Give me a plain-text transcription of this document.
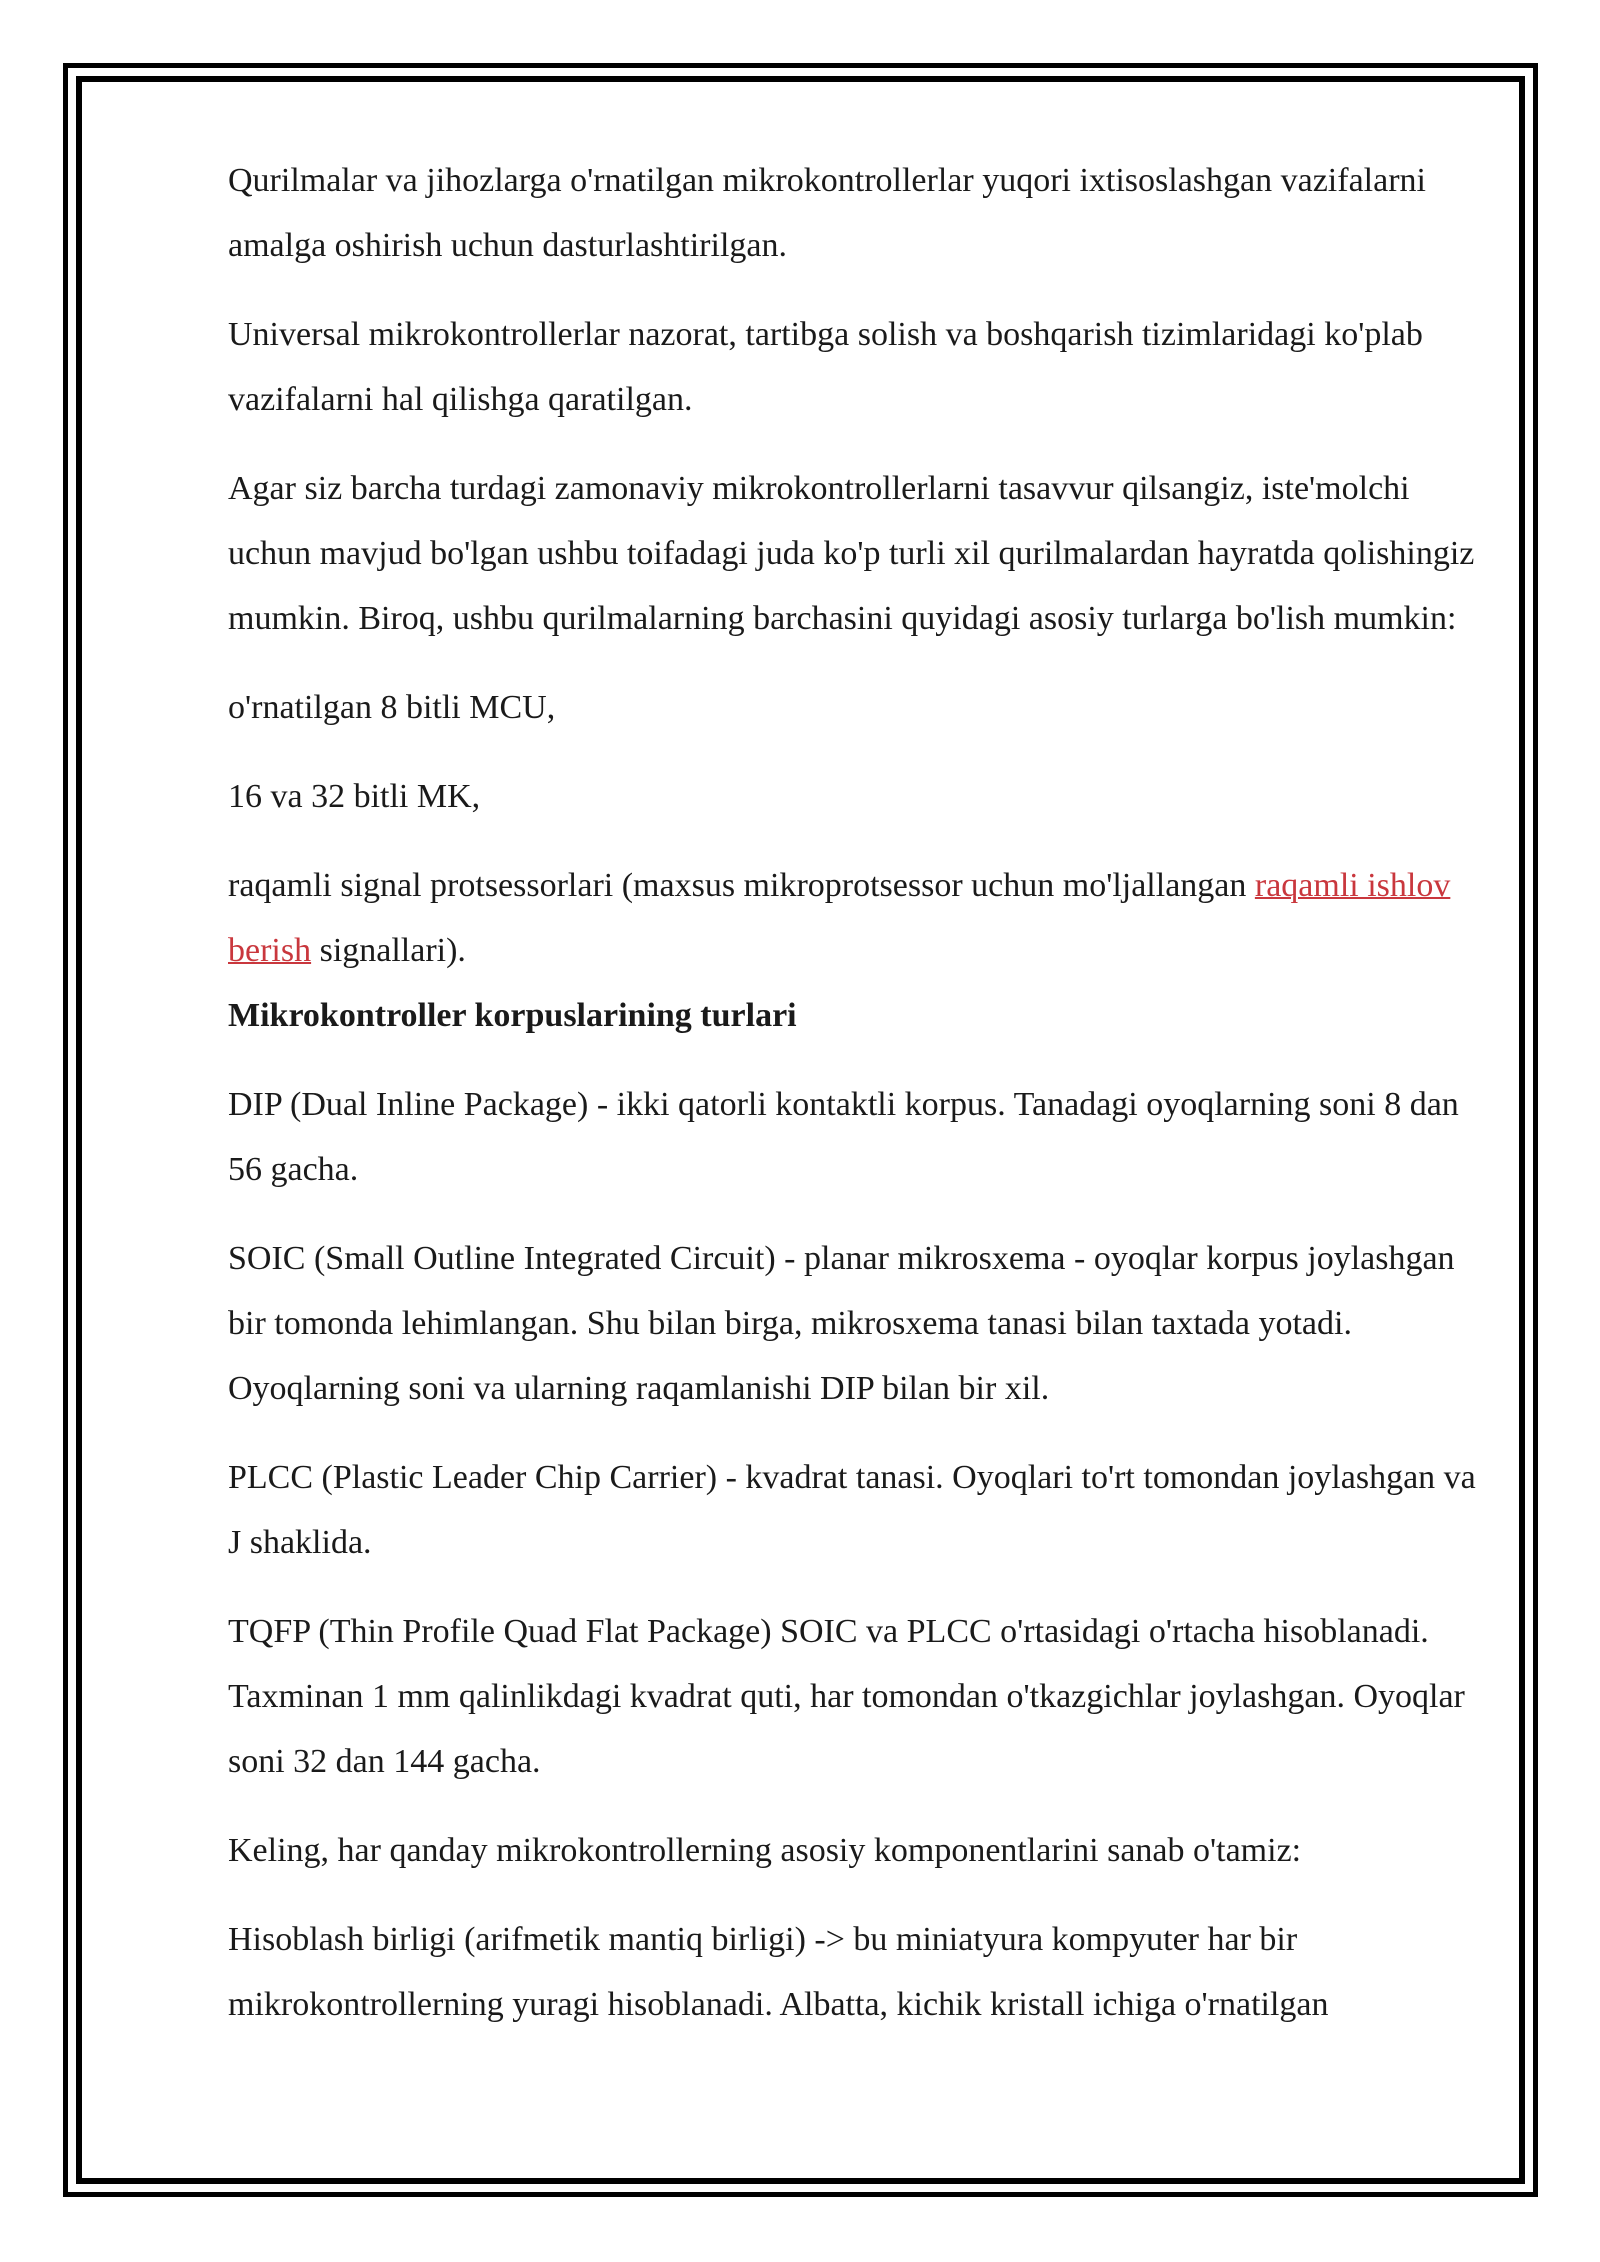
Qurilmalar va jihozlarga o'rnatilgan mikrokontrollerlar yuqori ixtisoslashgan vazifalarni amalga oshirish uchun dasturlashtirilgan.

Universal mikrokontrollerlar nazorat, tartibga solish va boshqarish tizimlaridagi ko'plab vazifalarni hal qilishga qaratilgan.

Agar siz barcha turdagi zamonaviy mikrokontrollerlarni tasavvur qilsangiz, iste'molchi uchun mavjud bo'lgan ushbu toifadagi juda ko'p turli xil qurilmalardan hayratda qolishingiz mumkin. Biroq, ushbu qurilmalarning barchasini quyidagi asosiy turlarga bo'lish mumkin:

o'rnatilgan 8 bitli MCU,

16 va 32 bitli MK,

raqamli signal protsessorlari (maxsus mikroprotsessor uchun mo'ljallangan raqamli ishlov berish signallari).

Mikrokontroller korpuslarining turlari

DIP (Dual Inline Package) - ikki qatorli kontaktli korpus. Tanadagi oyoqlarning soni 8 dan 56 gacha.

SOIC (Small Outline Integrated Circuit) - planar mikrosxema - oyoqlar korpus joylashgan bir tomonda lehimlangan. Shu bilan birga, mikrosxema tanasi bilan taxtada yotadi. Oyoqlarning soni va ularning raqamlanishi DIP bilan bir xil.

PLCC (Plastic Leader Chip Carrier) - kvadrat tanasi. Oyoqlari to'rt tomondan joylashgan va J shaklida.

TQFP (Thin Profile Quad Flat Package) SOIC va PLCC o'rtasidagi o'rtacha hisoblanadi. Taxminan 1 mm qalinlikdagi kvadrat quti, har tomondan o'tkazgichlar joylashgan. Oyoqlar soni 32 dan 144 gacha.

Keling, har qanday mikrokontrollerning asosiy komponentlarini sanab o'tamiz:

Hisoblash birligi (arifmetik mantiq birligi) -> bu miniatyura kompyuter har bir mikrokontrollerning yuragi hisoblanadi. Albatta, kichik kristall ichiga o'rnatilgan
